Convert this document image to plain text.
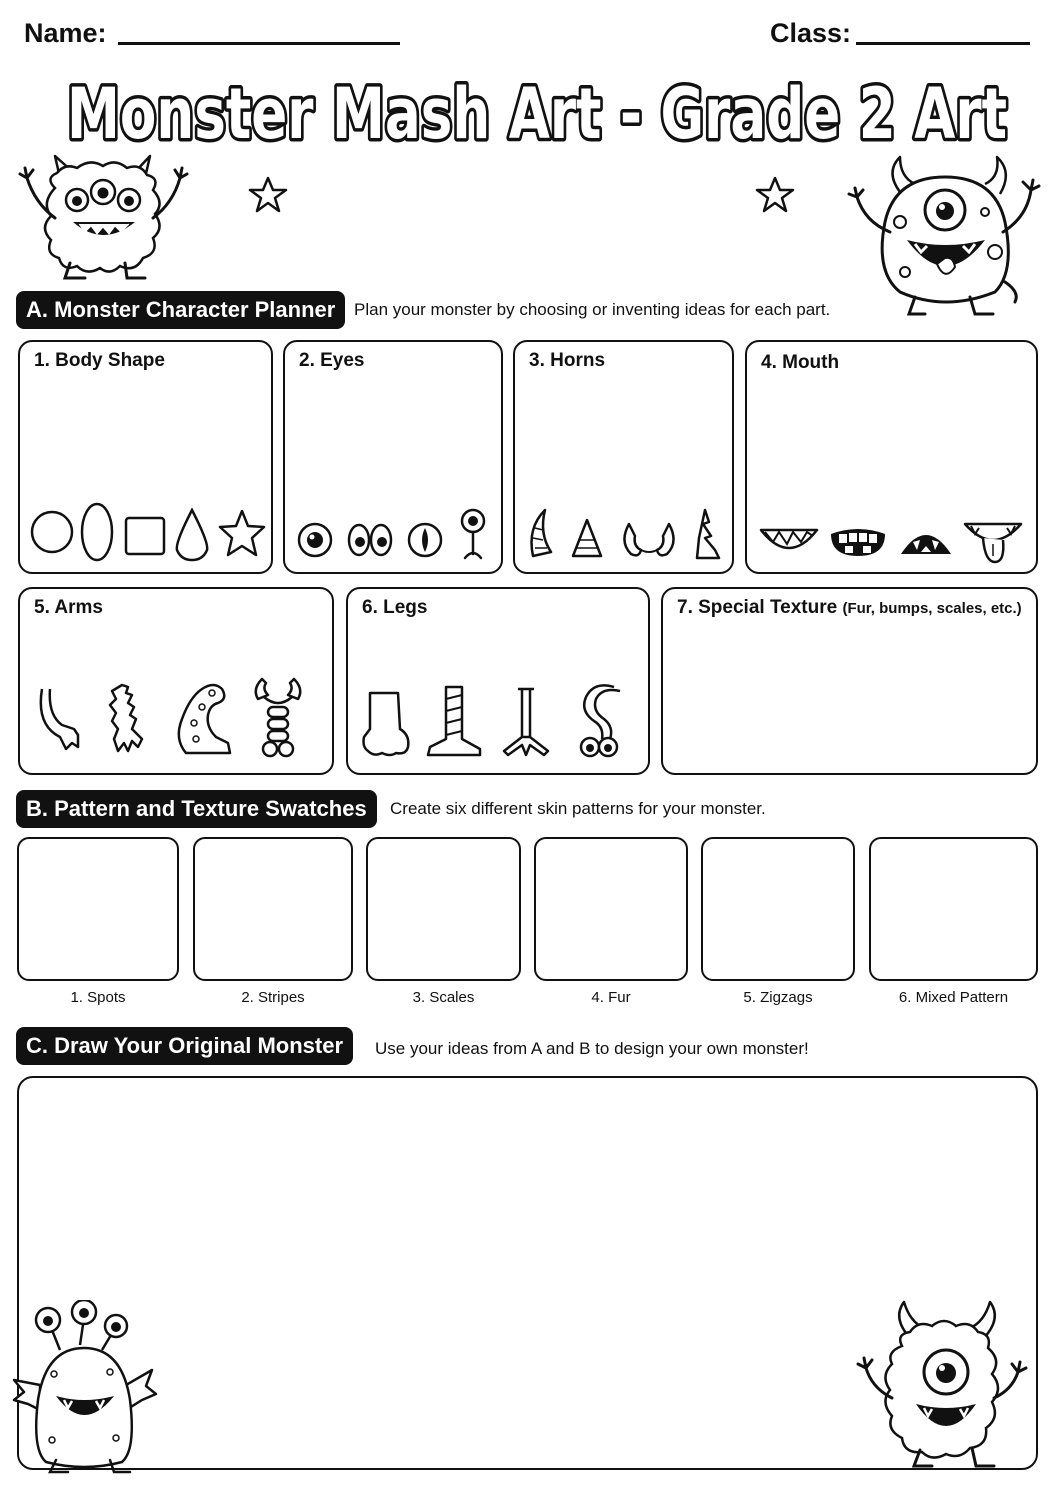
Name:	Class:
Monster Mash Art - Grade 2 Art
A. Monster Character Planner	Plan your monster by choosing or inventing ideas for each part.
1. Body Shape	2. Eyes	3. Horns	4. Mouth
5. Arms	6. Legs	7. Special Texture (Fur, bumps, scales, etc.)
B. Pattern and Texture Swatches	Create six different skin patterns for your monster.
1. Spots	2. Stripes	3. Scales	4. Fur	5. Zigzags	6. Mixed Pattern
C. Draw Your Original Monster	Use your ideas from A and B to design your own monster!
